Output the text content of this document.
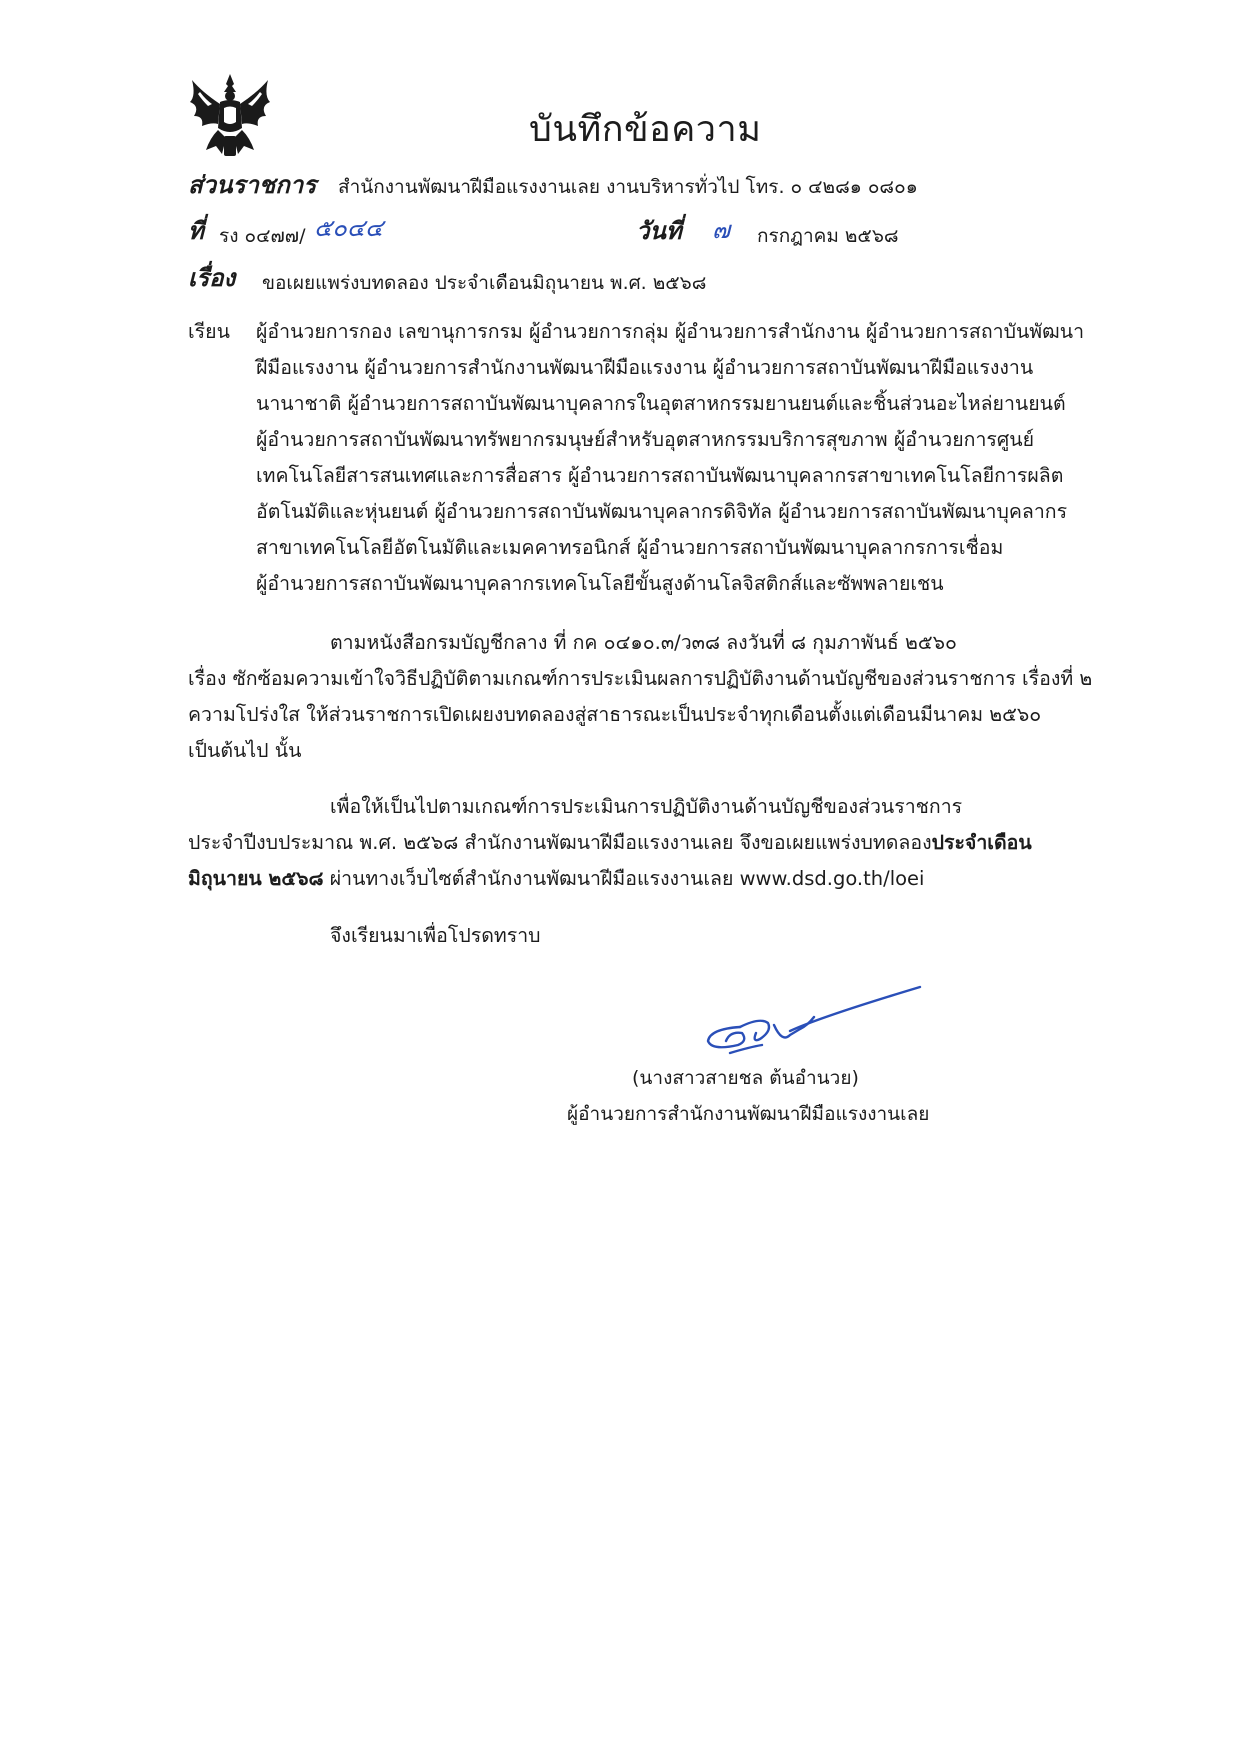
บันทึกข้อความ
ส่วนราชการ สำนักงานพัฒนาฝีมือแรงงานเลย งานบริหารทั่วไป โทร. ๐ ๔๒๘๑ ๐๘๐๑
ที่ รง ๐๔๗๗/ ๕๐๔๔	วันที่ ๗ กรกฎาคม ๒๕๖๘
เรื่อง ขอเผยแพร่งบทดลอง ประจำเดือนมิถุนายน พ.ศ. ๒๕๖๘
เรียน ผู้อำนวยการกอง เลขานุการกรม ผู้อำนวยการกลุ่ม ผู้อำนวยการสำนักงาน ผู้อำนวยการสถาบันพัฒนา
ฝีมือแรงงาน ผู้อำนวยการสำนักงานพัฒนาฝีมือแรงงาน ผู้อำนวยการสถาบันพัฒนาฝีมือแรงงาน
นานาชาติ ผู้อำนวยการสถาบันพัฒนาบุคลากรในอุตสาหกรรมยานยนต์และชิ้นส่วนอะไหล่ยานยนต์
ผู้อำนวยการสถาบันพัฒนาทรัพยากรมนุษย์สำหรับอุตสาหกรรมบริการสุขภาพ ผู้อำนวยการศูนย์
เทคโนโลยีสารสนเทศและการสื่อสาร ผู้อำนวยการสถาบันพัฒนาบุคลากรสาขาเทคโนโลยีการผลิต
อัตโนมัติและหุ่นยนต์ ผู้อำนวยการสถาบันพัฒนาบุคลากรดิจิทัล ผู้อำนวยการสถาบันพัฒนาบุคลากร
สาขาเทคโนโลยีอัตโนมัติและเมคคาทรอนิกส์ ผู้อำนวยการสถาบันพัฒนาบุคลากรการเชื่อม
ผู้อำนวยการสถาบันพัฒนาบุคลากรเทคโนโลยีขั้นสูงด้านโลจิสติกส์และซัพพลายเชน
ตามหนังสือกรมบัญชีกลาง ที่ กค ๐๔๑๐.๓/ว๓๘ ลงวันที่ ๘ กุมภาพันธ์ ๒๕๖๐
เรื่อง ซักซ้อมความเข้าใจวิธีปฏิบัติตามเกณฑ์การประเมินผลการปฏิบัติงานด้านบัญชีของส่วนราชการ เรื่องที่ ๒
ความโปร่งใส ให้ส่วนราชการเปิดเผยงบทดลองสู่สาธารณะเป็นประจำทุกเดือนตั้งแต่เดือนมีนาคม ๒๕๖๐
เป็นต้นไป นั้น
เพื่อให้เป็นไปตามเกณฑ์การประเมินการปฏิบัติงานด้านบัญชีของส่วนราชการ
ประจำปีงบประมาณ พ.ศ. ๒๕๖๘ สำนักงานพัฒนาฝีมือแรงงานเลย จึงขอเผยแพร่งบทดลองประจำเดือน
มิถุนายน ๒๕๖๘ ผ่านทางเว็บไซต์สำนักงานพัฒนาฝีมือแรงงานเลย www.dsd.go.th/loei
จึงเรียนมาเพื่อโปรดทราบ
(นางสาวสายชล ต้นอำนวย)
ผู้อำนวยการสำนักงานพัฒนาฝีมือแรงงานเลย
